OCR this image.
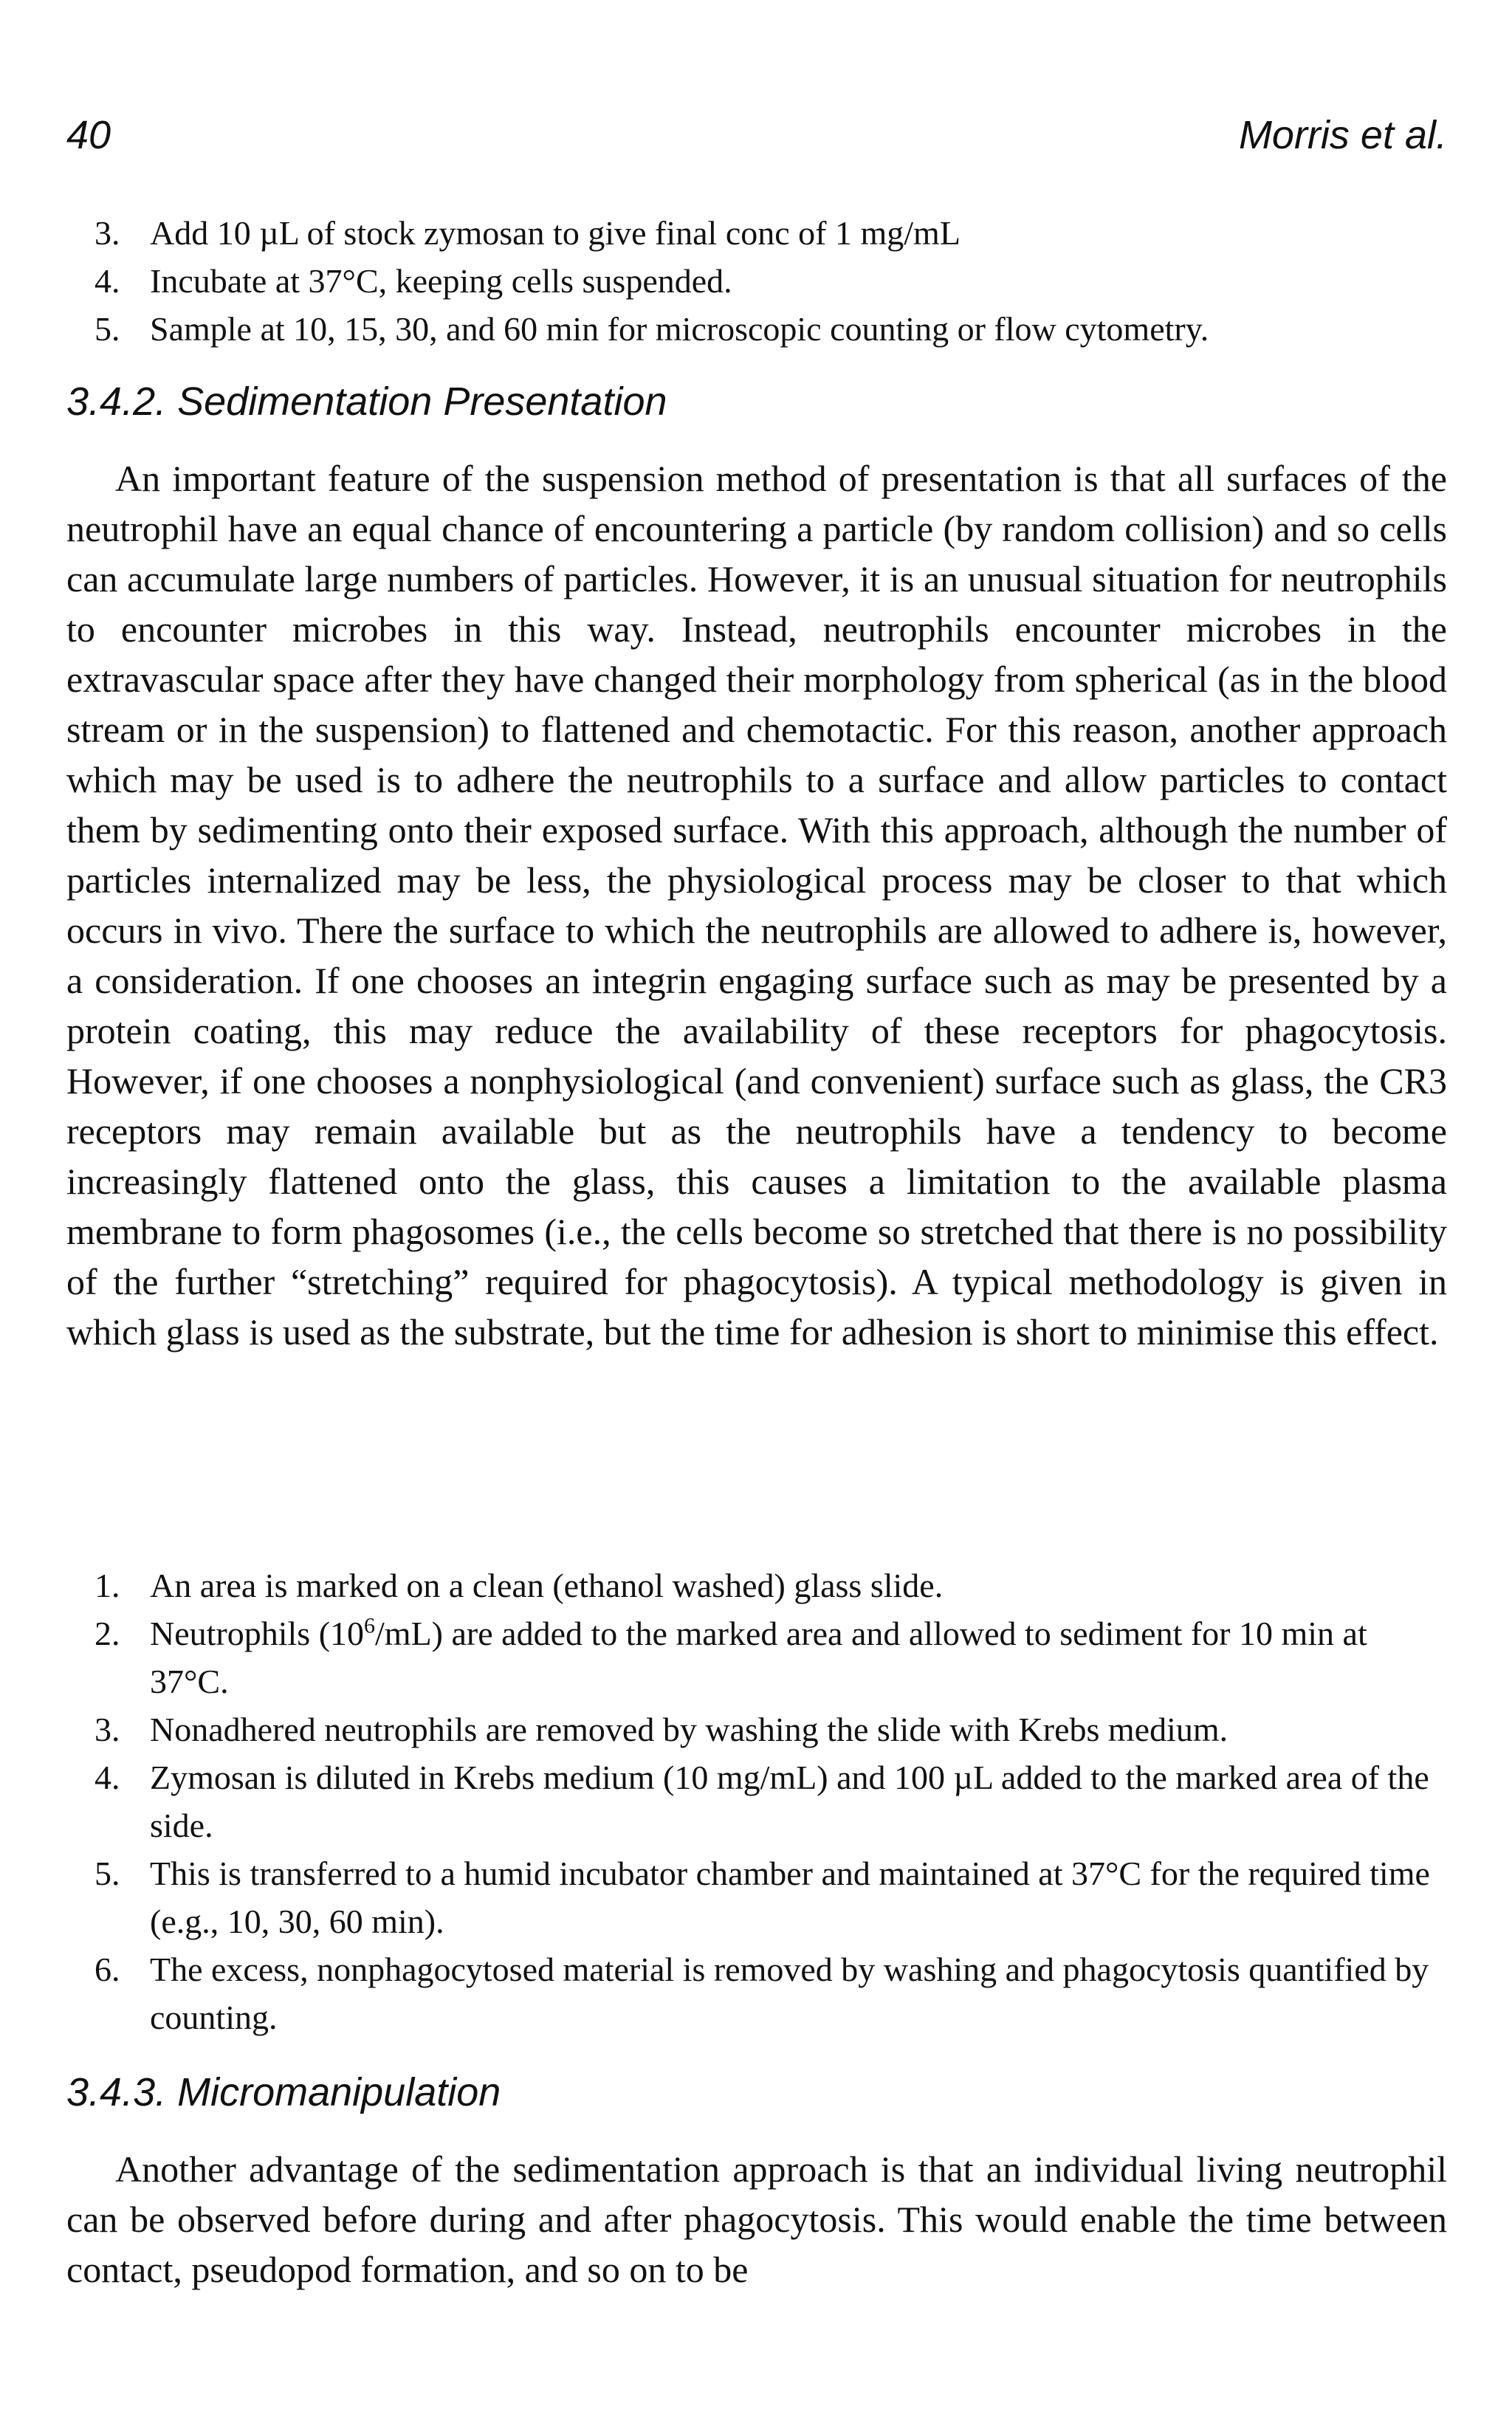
40	Morris et al.
3. Add 10 µL of stock zymosan to give final conc of 1 mg/mL
4. Incubate at 37°C, keeping cells suspended.
5. Sample at 10, 15, 30, and 60 min for microscopic counting or flow cytometry.
3.4.2. Sedimentation Presentation

An important feature of the suspension method of presentation is that all surfaces of the neutrophil have an equal chance of encountering a particle (by random collision) and so cells can accumulate large numbers of particles. However, it is an unusual situation for neutrophils to encounter microbes in this way. Instead, neutrophils encounter microbes in the extravascular space after they have changed their morphology from spherical (as in the blood stream or in the suspension) to flattened and chemotactic. For this reason, another approach which may be used is to adhere the neutrophils to a surface and allow particles to contact them by sedimenting onto their exposed surface. With this approach, although the number of particles internalized may be less, the physiological process may be closer to that which occurs in vivo. There the surface to which the neutrophils are allowed to adhere is, however, a consideration. If one chooses an integrin engaging surface such as may be presented by a protein coating, this may reduce the availability of these receptors for phagocytosis. However, if one chooses a nonphysiological (and convenient) surface such as glass, the CR3 receptors may remain available but as the neutrophils have a tendency to become increasingly flattened onto the glass, this causes a limitation to the available plasma membrane to form phagosomes (i.e., the cells become so stretched that there is no possibility of the further “stretching” required for phagocytosis). A typical methodology is given in which glass is used as the substrate, but the time for adhesion is short to minimise this effect.

1. An area is marked on a clean (ethanol washed) glass slide.
2. Neutrophils $(10^6/mL)$ are added to the marked area and allowed to sediment for 10 min at 37°C.
3. Nonadhered neutrophils are removed by washing the slide with Krebs medium.
4. Zymosan is diluted in Krebs medium (10 mg/mL) and 100 µL added to the marked area of the side.
5. This is transferred to a humid incubator chamber and maintained at 37°C for the required time (e.g., 10, 30, 60 min).
6. The excess, nonphagocytosed material is removed by washing and phagocytosis quantified by counting.
3.4.3. Micromanipulation

Another advantage of the sedimentation approach is that an individual living neutrophil can be observed before during and after phagocytosis. This would enable the time between contact, pseudopod formation, and so on to be
